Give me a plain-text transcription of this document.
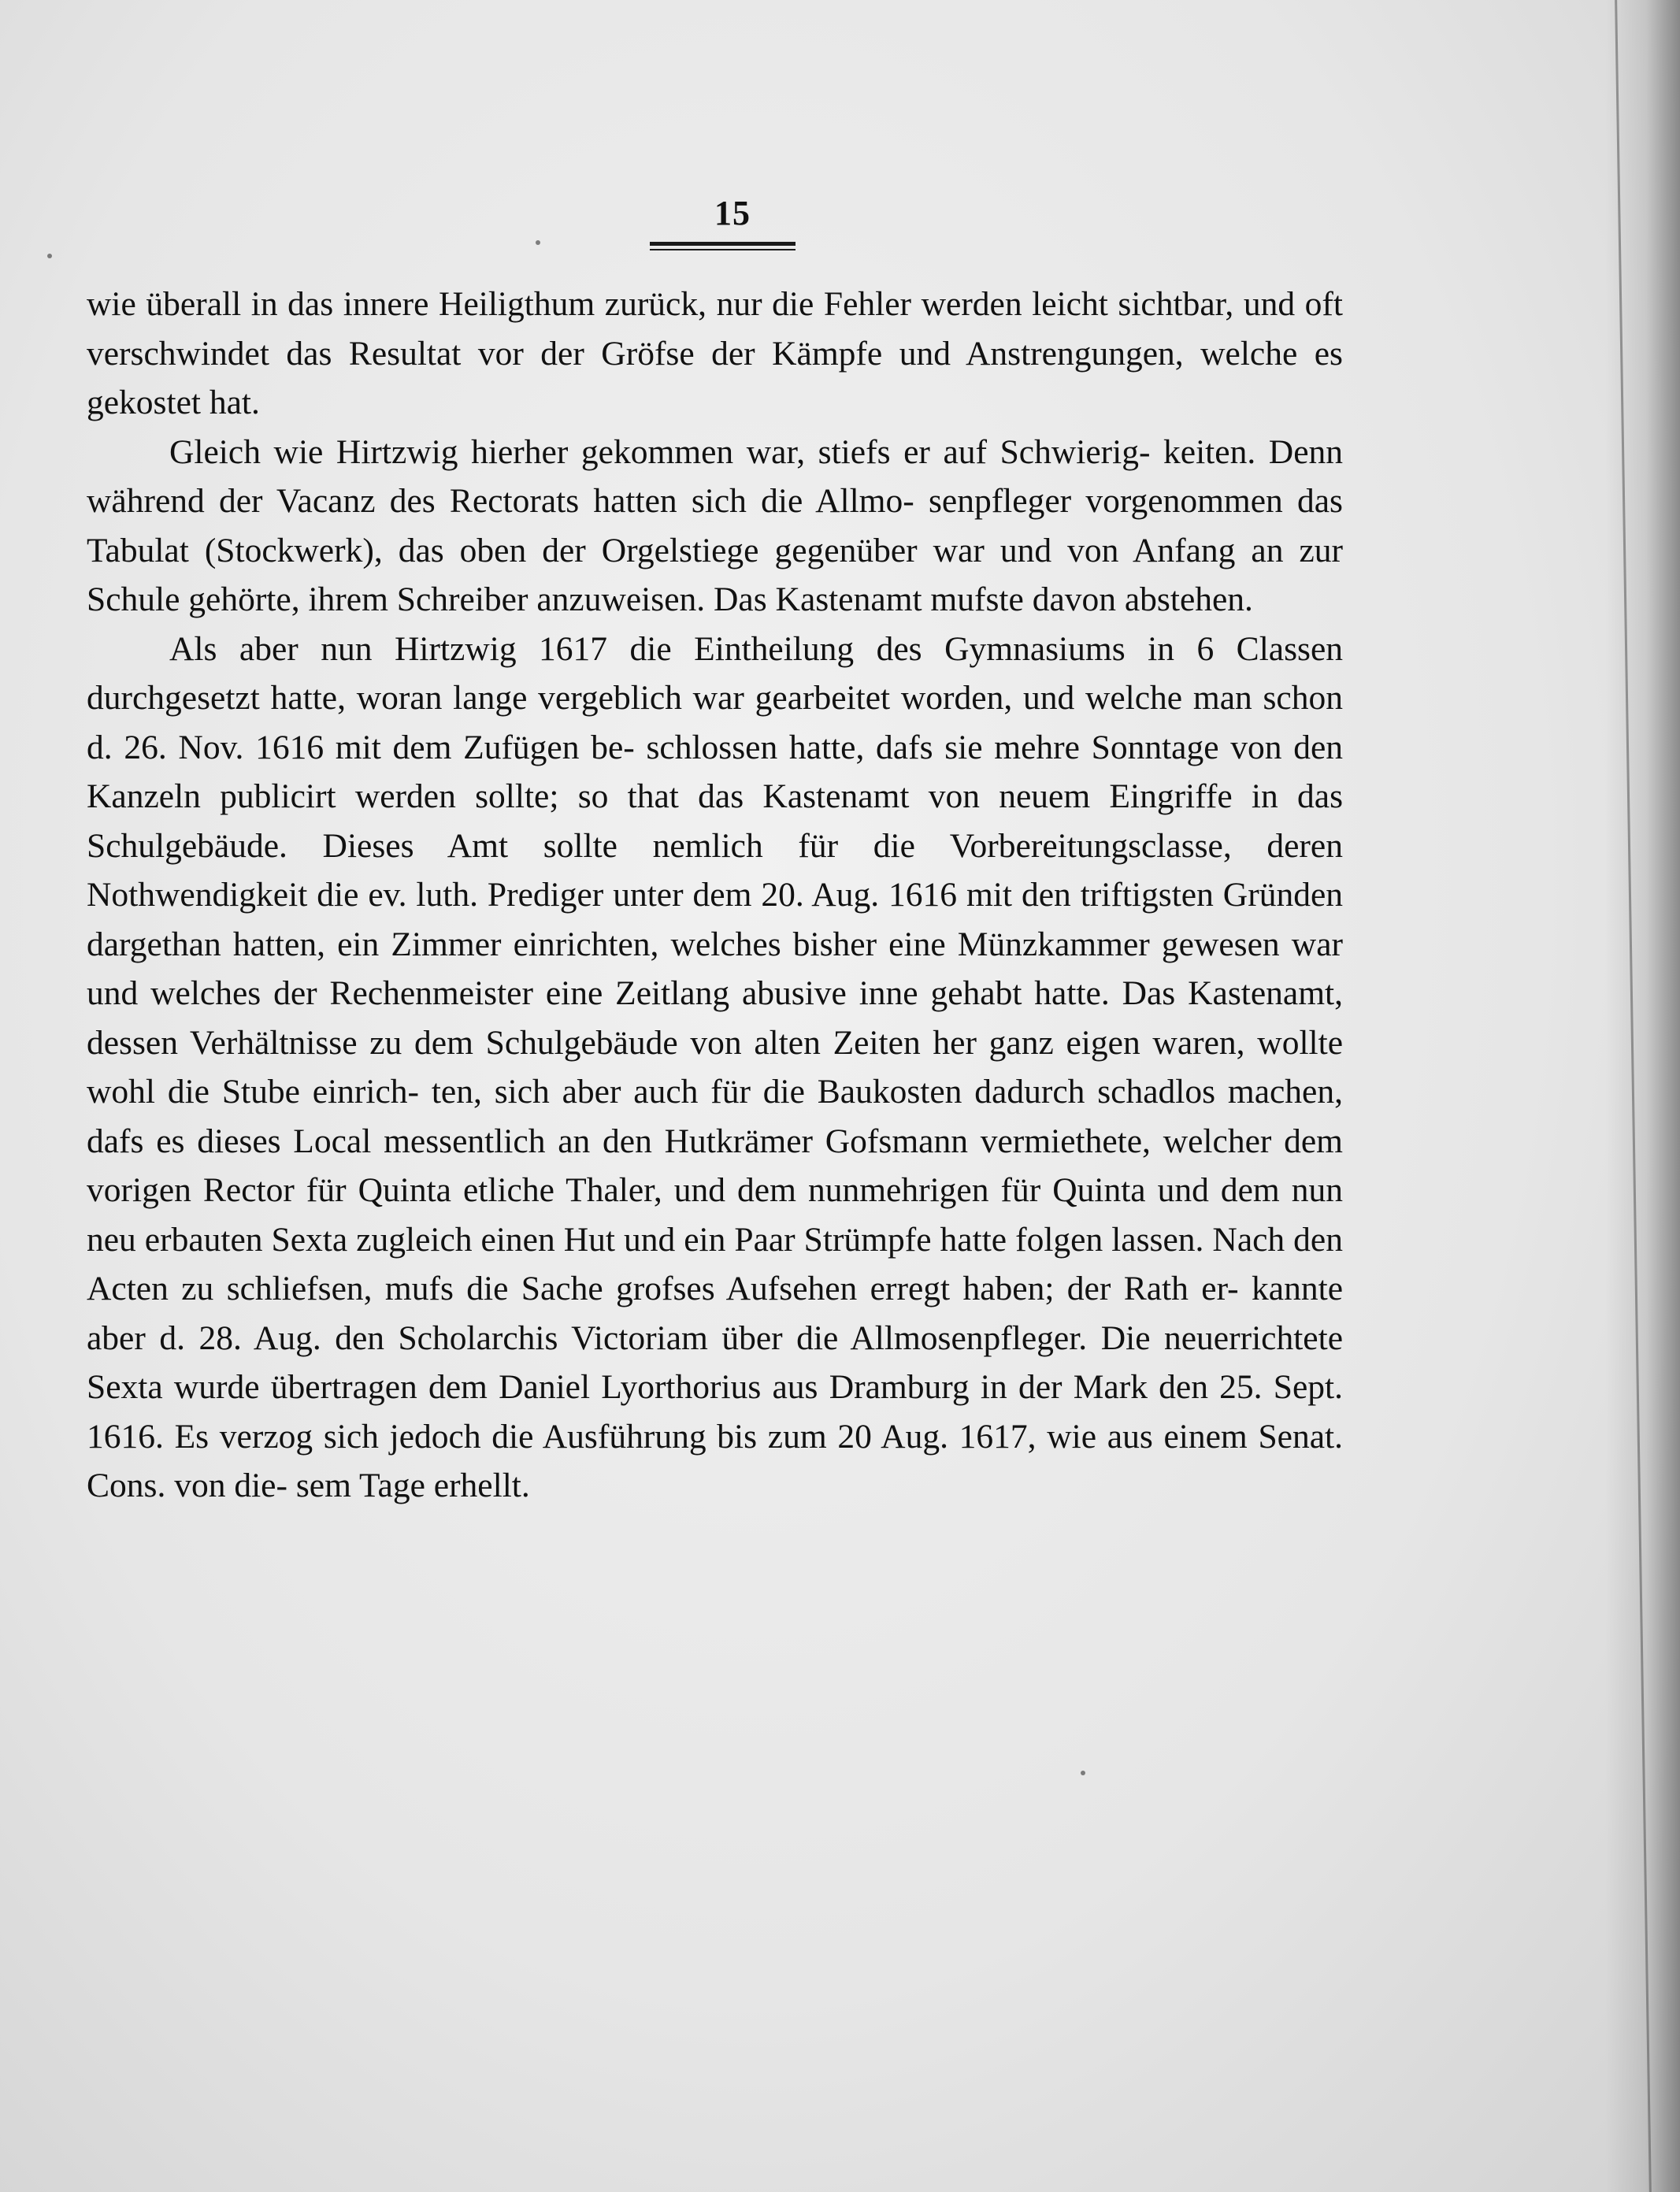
15

wie überall in das innere Heiligthum zurück, nur die Fehler werden leicht sichtbar, und oft verschwindet das Resultat vor der Gröfse der Kämpfe und Anstrengungen, welche es gekostet hat.

Gleich wie Hirtzwig hierher gekommen war, stiefs er auf Schwierig- keiten. Denn während der Vacanz des Rectorats hatten sich die Allmo- senpfleger vorgenommen das Tabulat (Stockwerk), das oben der Orgelstiege gegenüber war und von Anfang an zur Schule gehörte, ihrem Schreiber anzuweisen. Das Kastenamt mufste davon abstehen.

Als aber nun Hirtzwig 1617 die Eintheilung des Gymnasiums in 6 Classen durchgesetzt hatte, woran lange vergeblich war gearbeitet worden, und welche man schon d. 26. Nov. 1616 mit dem Zufügen be- schlossen hatte, dafs sie mehre Sonntage von den Kanzeln publicirt werden sollte; so that das Kastenamt von neuem Eingriffe in das Schulgebäude. Dieses Amt sollte nemlich für die Vorbereitungsclasse, deren Nothwendigkeit die ev. luth. Prediger unter dem 20. Aug. 1616 mit den triftigsten Gründen dargethan hatten, ein Zimmer einrichten, welches bisher eine Münzkammer gewesen war und welches der Rechenmeister eine Zeitlang abusive inne gehabt hatte. Das Kastenamt, dessen Verhältnisse zu dem Schulgebäude von alten Zeiten her ganz eigen waren, wollte wohl die Stube einrich- ten, sich aber auch für die Baukosten dadurch schadlos machen, dafs es dieses Local messentlich an den Hutkrämer Gofsmann vermiethete, welcher dem vorigen Rector für Quinta etliche Thaler, und dem nunmehrigen für Quinta und dem nun neu erbauten Sexta zugleich einen Hut und ein Paar Strümpfe hatte folgen lassen. Nach den Acten zu schliefsen, mufs die Sache grofses Aufsehen erregt haben; der Rath er- kannte aber d. 28. Aug. den Scholarchis Victoriam über die Allmosenpfleger. Die neuerrichtete Sexta wurde übertragen dem Daniel Lyorthorius aus Dramburg in der Mark den 25. Sept. 1616. Es verzog sich jedoch die Ausführung bis zum 20 Aug. 1617, wie aus einem Senat. Cons. von die- sem Tage erhellt.
